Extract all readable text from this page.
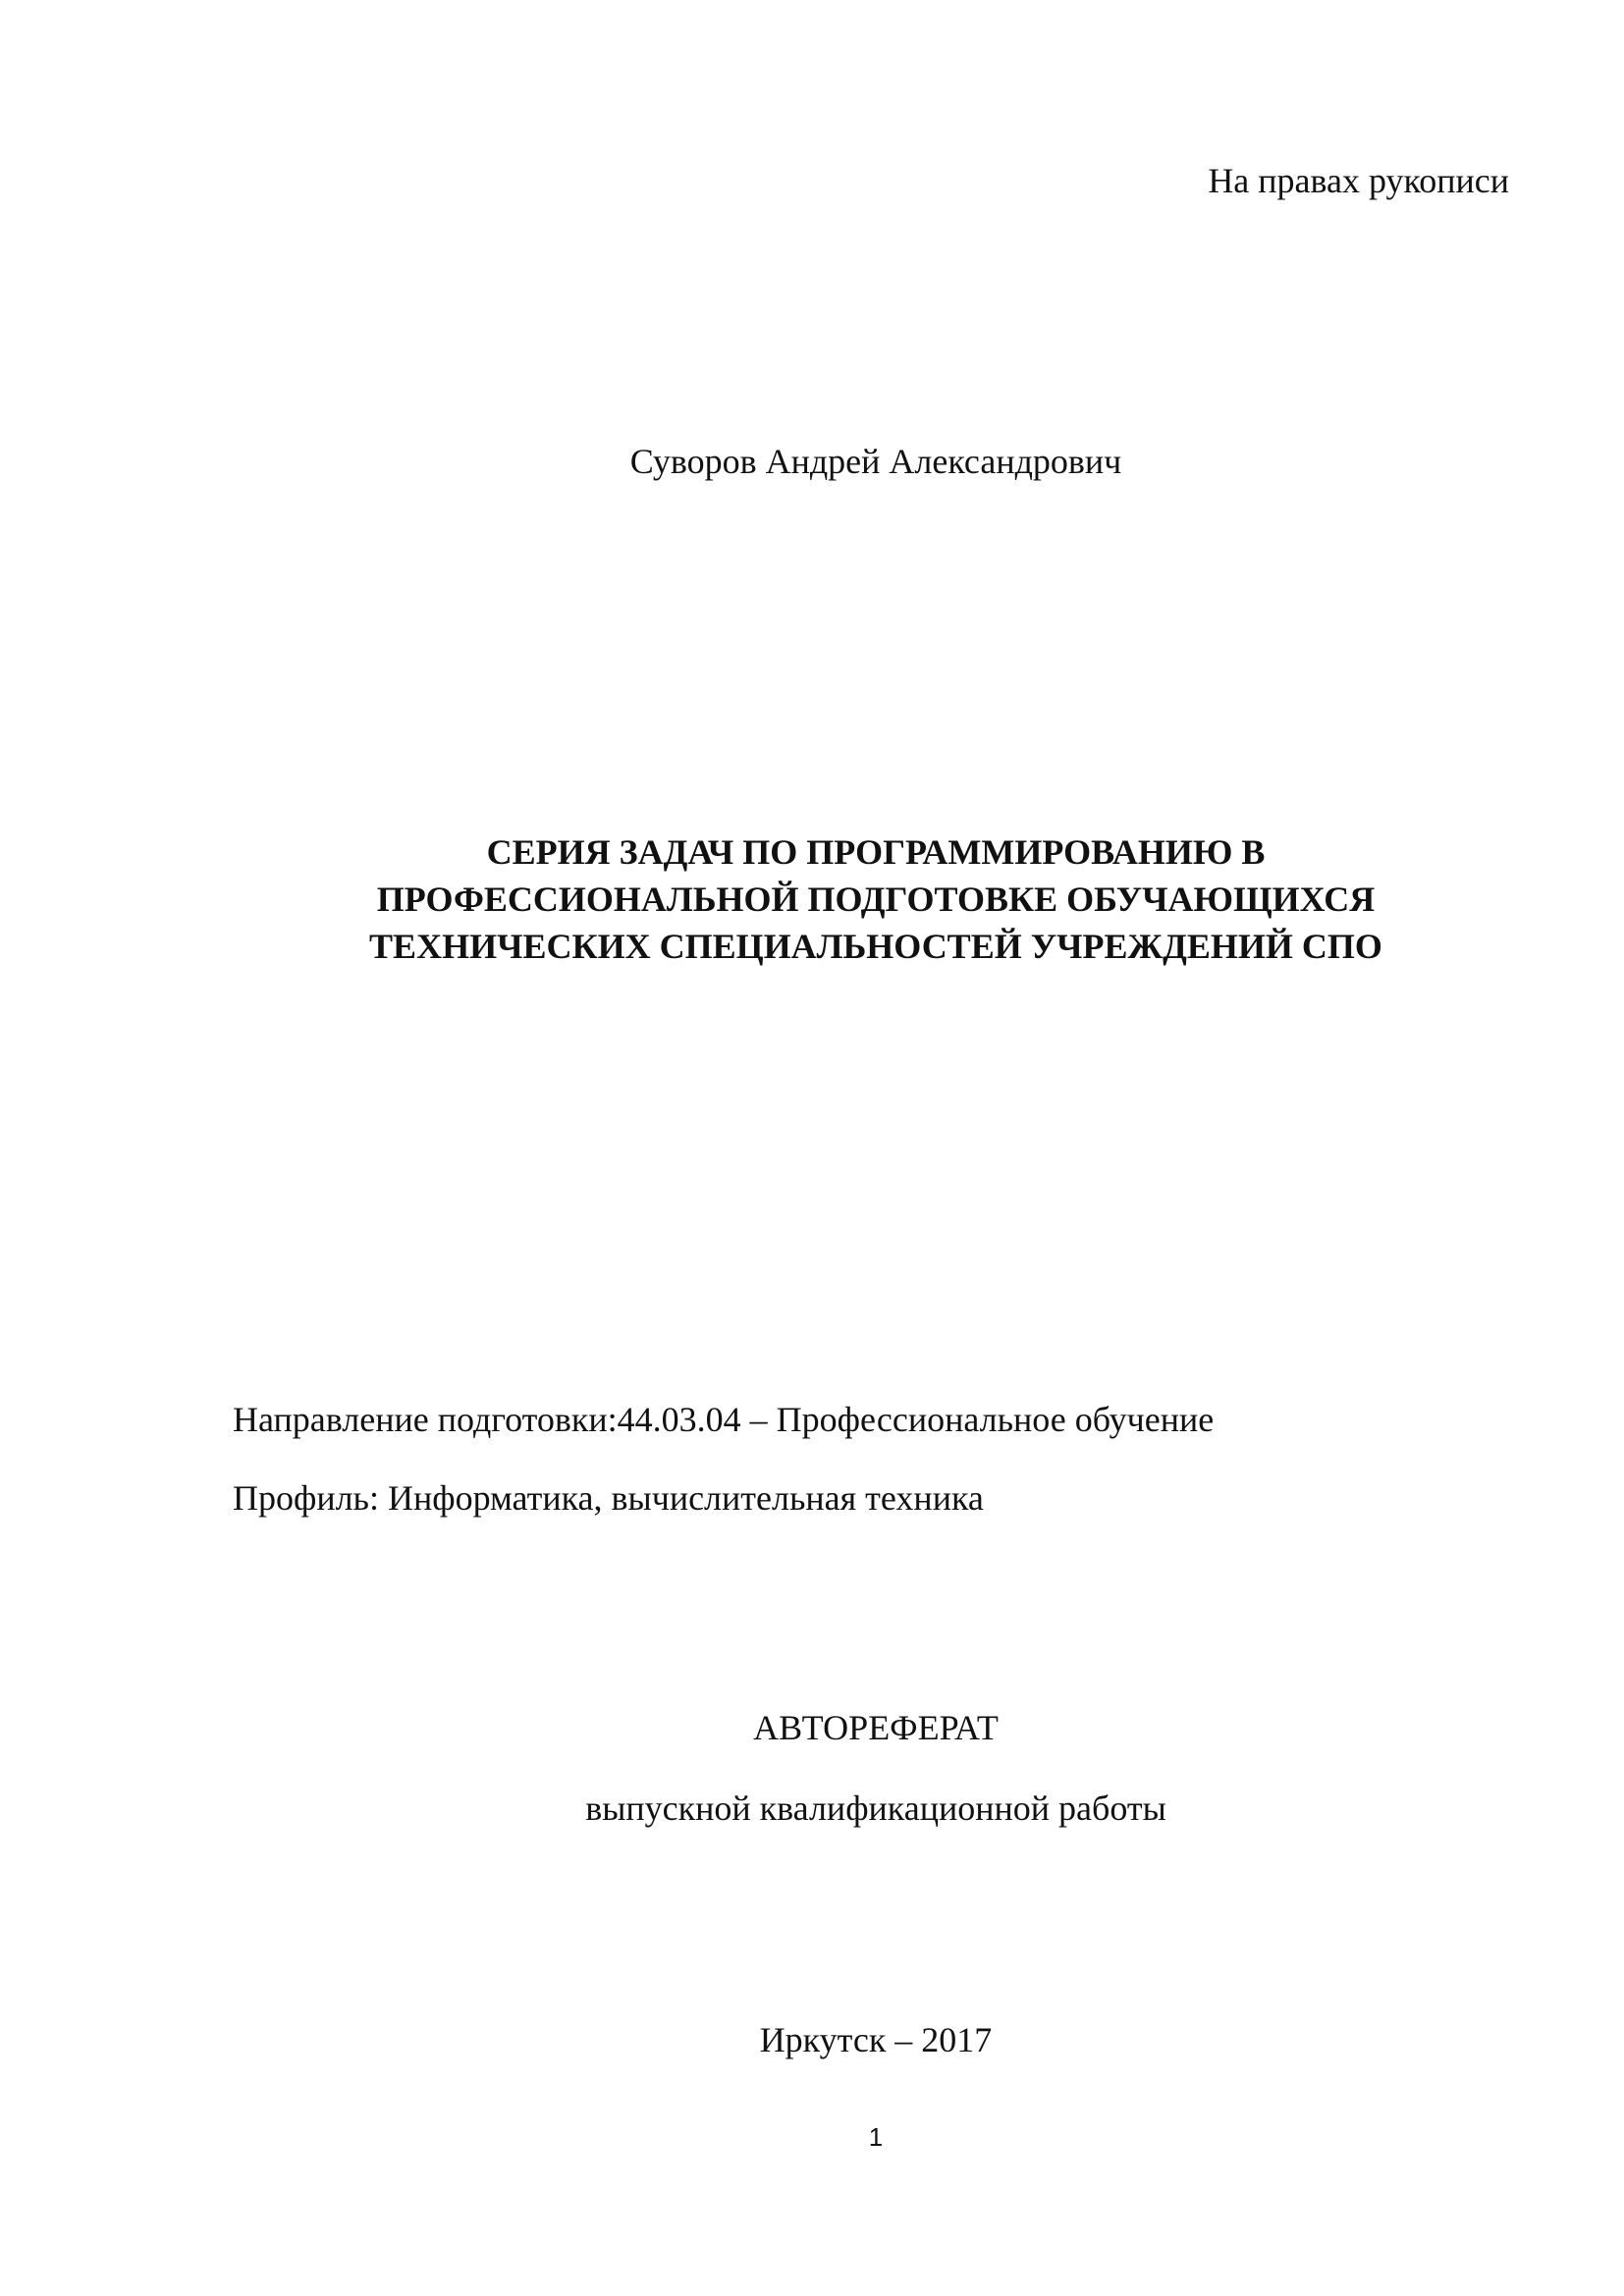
На правах рукописи

Суворов Андрей Александрович

СЕРИЯ ЗАДАЧ ПО ПРОГРАММИРОВАНИЮ В
ПРОФЕССИОНАЛЬНОЙ ПОДГОТОВКЕ ОБУЧАЮЩИХСЯ
ТЕХНИЧЕСКИХ СПЕЦИАЛЬНОСТЕЙ УЧРЕЖДЕНИЙ СПО

Направление подготовки:44.03.04 – Профессиональное обучение

Профиль: Информатика, вычислительная техника

АВТОРЕФЕРАТ

выпускной квалификационной работы

Иркутск – 2017

1
